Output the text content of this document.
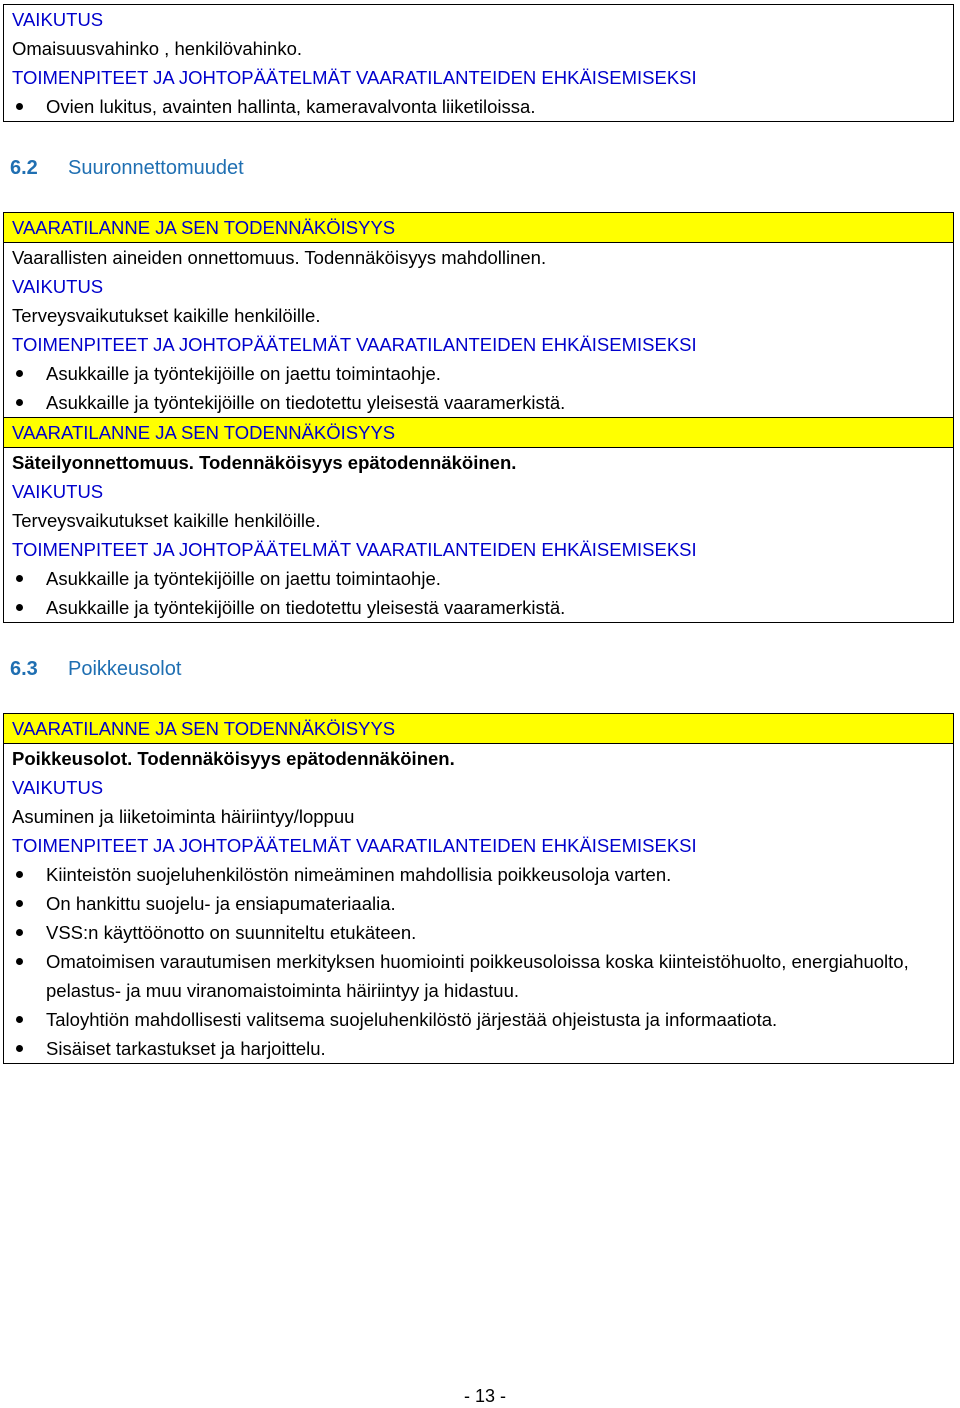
VAIKUTUS
Omaisuusvahinko , henkilövahinko.
TOIMENPITEET JA JOHTOPÄÄTELMÄT VAARATILANTEIDEN EHKÄISEMISEKSI
Ovien lukitus, avainten hallinta, kameravalvonta liiketiloissa.
6.2 Suuronnettomuudet
VAARATILANNE JA SEN TODENNÄKÖISYYS
Vaarallisten aineiden onnettomuus. Todennäköisyys mahdollinen.
VAIKUTUS
Terveysvaikutukset kaikille henkilöille.
TOIMENPITEET JA JOHTOPÄÄTELMÄT VAARATILANTEIDEN EHKÄISEMISEKSI
Asukkaille ja työntekijöille on jaettu toimintaohje.
Asukkaille ja työntekijöille on tiedotettu yleisestä vaaramerkistä.
VAARATILANNE JA SEN TODENNÄKÖISYYS
Säteilyonnettomuus. Todennäköisyys epätodennäköinen.
VAIKUTUS
Terveysvaikutukset kaikille henkilöille.
TOIMENPITEET JA JOHTOPÄÄTELMÄT VAARATILANTEIDEN EHKÄISEMISEKSI
Asukkaille ja työntekijöille on jaettu toimintaohje.
Asukkaille ja työntekijöille on tiedotettu yleisestä vaaramerkistä.
6.3 Poikkeusolot
VAARATILANNE JA SEN TODENNÄKÖISYYS
Poikkeusolot. Todennäköisyys epätodennäköinen.
VAIKUTUS
Asuminen ja liiketoiminta häiriintyy/loppuu
TOIMENPITEET JA JOHTOPÄÄTELMÄT VAARATILANTEIDEN EHKÄISEMISEKSI
Kiinteistön suojeluhenkilöstön nimeäminen mahdollisia poikkeusoloja varten.
On hankittu suojelu- ja ensiapumateriaalia.
VSS:n käyttöönotto on suunniteltu etukäteen.
Omatoimisen varautumisen merkityksen huomiointi poikkeusoloissa koska kiinteistöhuolto, energiahuolto, pelastus- ja muu viranomaistoiminta häiriintyy ja hidastuu.
Taloyhtiön mahdollisesti valitsema suojeluhenkilöstö järjestää ohjeistusta ja informaatiota.
Sisäiset tarkastukset ja harjoittelu.
- 13 -
